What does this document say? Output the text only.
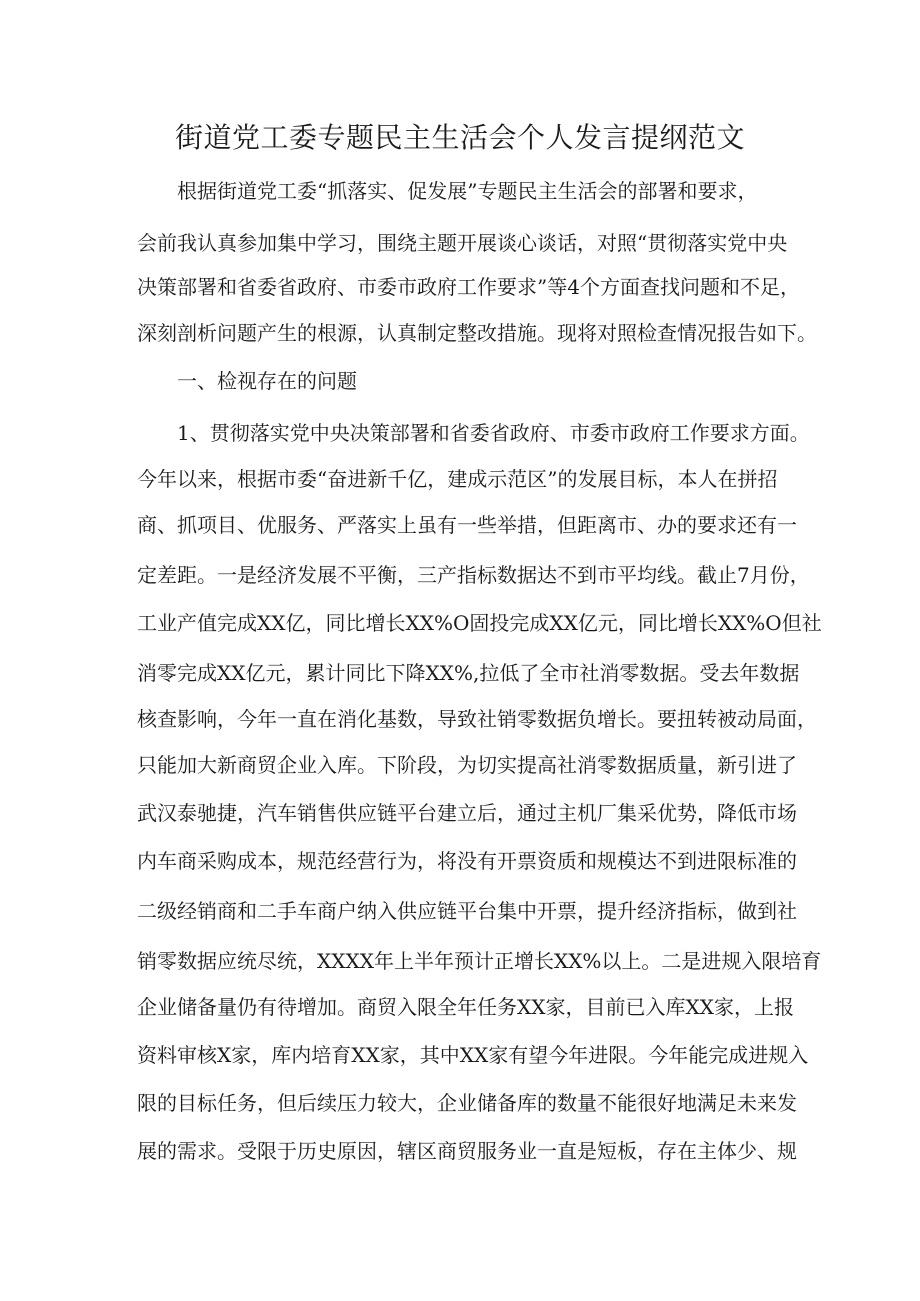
街道党工委专题民主生活会个人发言提纲范文
根据街道党工委“抓落实、促发展”专题民主生活会的部署和要求，
会前我认真参加集中学习，围绕主题开展谈心谈话，对照“贯彻落实党中央
决策部署和省委省政府、市委市政府工作要求”等4个方面查找问题和不足，
深刻剖析问题产生的根源，认真制定整改措施。现将对照检查情况报告如下。
一、检视存在的问题
1、贯彻落实党中央决策部署和省委省政府、市委市政府工作要求方面。
今年以来，根据市委“奋进新千亿，建成示范区”的发展目标，本人在拼招
商、抓项目、优服务、严落实上虽有一些举措，但距离市、办的要求还有一
定差距。一是经济发展不平衡，三产指标数据达不到市平均线。截止7月份，
工业产值完成XX亿，同比增长XX%O固投完成XX亿元，同比增长XX%O但社
消零完成XX亿元，累计同比下降XX%,拉低了全市社消零数据。受去年数据
核查影响，今年一直在消化基数，导致社销零数据负增长。要扭转被动局面，
只能加大新商贸企业入库。下阶段，为切实提高社消零数据质量，新引进了
武汉泰驰捷，汽车销售供应链平台建立后，通过主机厂集采优势，降低市场
内车商采购成本，规范经营行为，将没有开票资质和规模达不到进限标准的
二级经销商和二手车商户纳入供应链平台集中开票，提升经济指标，做到社
销零数据应统尽统，XXXX年上半年预计正增长XX%以上。二是进规入限培育
企业储备量仍有待增加。商贸入限全年任务XX家，目前已入库XX家，上报
资料审核X家，库内培育XX家，其中XX家有望今年进限。今年能完成进规入
限的目标任务，但后续压力较大，企业储备库的数量不能很好地满足未来发
展的需求。受限于历史原因，辖区商贸服务业一直是短板，存在主体少、规
